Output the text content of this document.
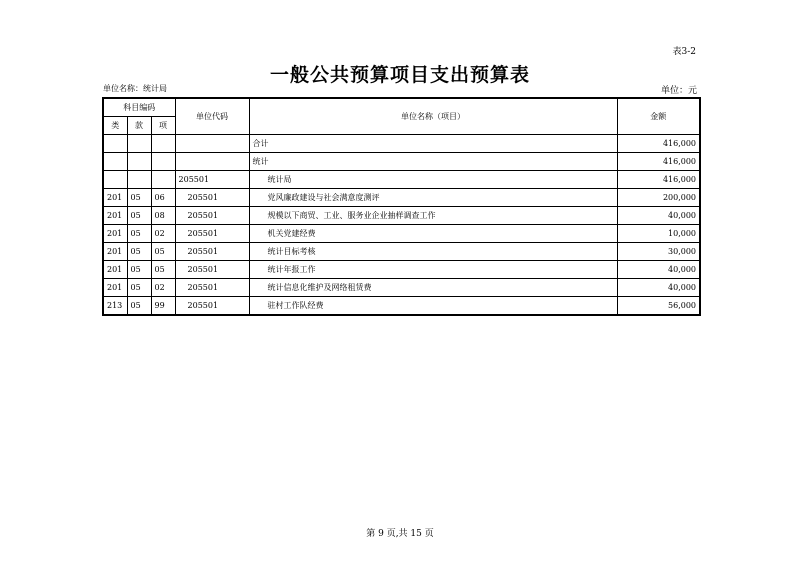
表3-2
一般公共预算项目支出预算表
单位名称：统计局	单位：元
科目编码			单位代码	单位名称（项目）	金额
类	款	项			
				合计	416,000
				统计	416,000
			205501	统计局	416,000
201	05	06	205501	党风廉政建设与社会满意度测评	200,000
201	05	08	205501	规模以下商贸、工业、服务业企业抽样调查工作	40,000
201	05	02	205501	机关党建经费	10,000
201	05	05	205501	统计目标考核	30,000
201	05	05	205501	统计年报工作	40,000
201	05	02	205501	统计信息化维护及网络租赁费	40,000
213	05	99	205501	驻村工作队经费	56,000
第 9 页,共 15 页
